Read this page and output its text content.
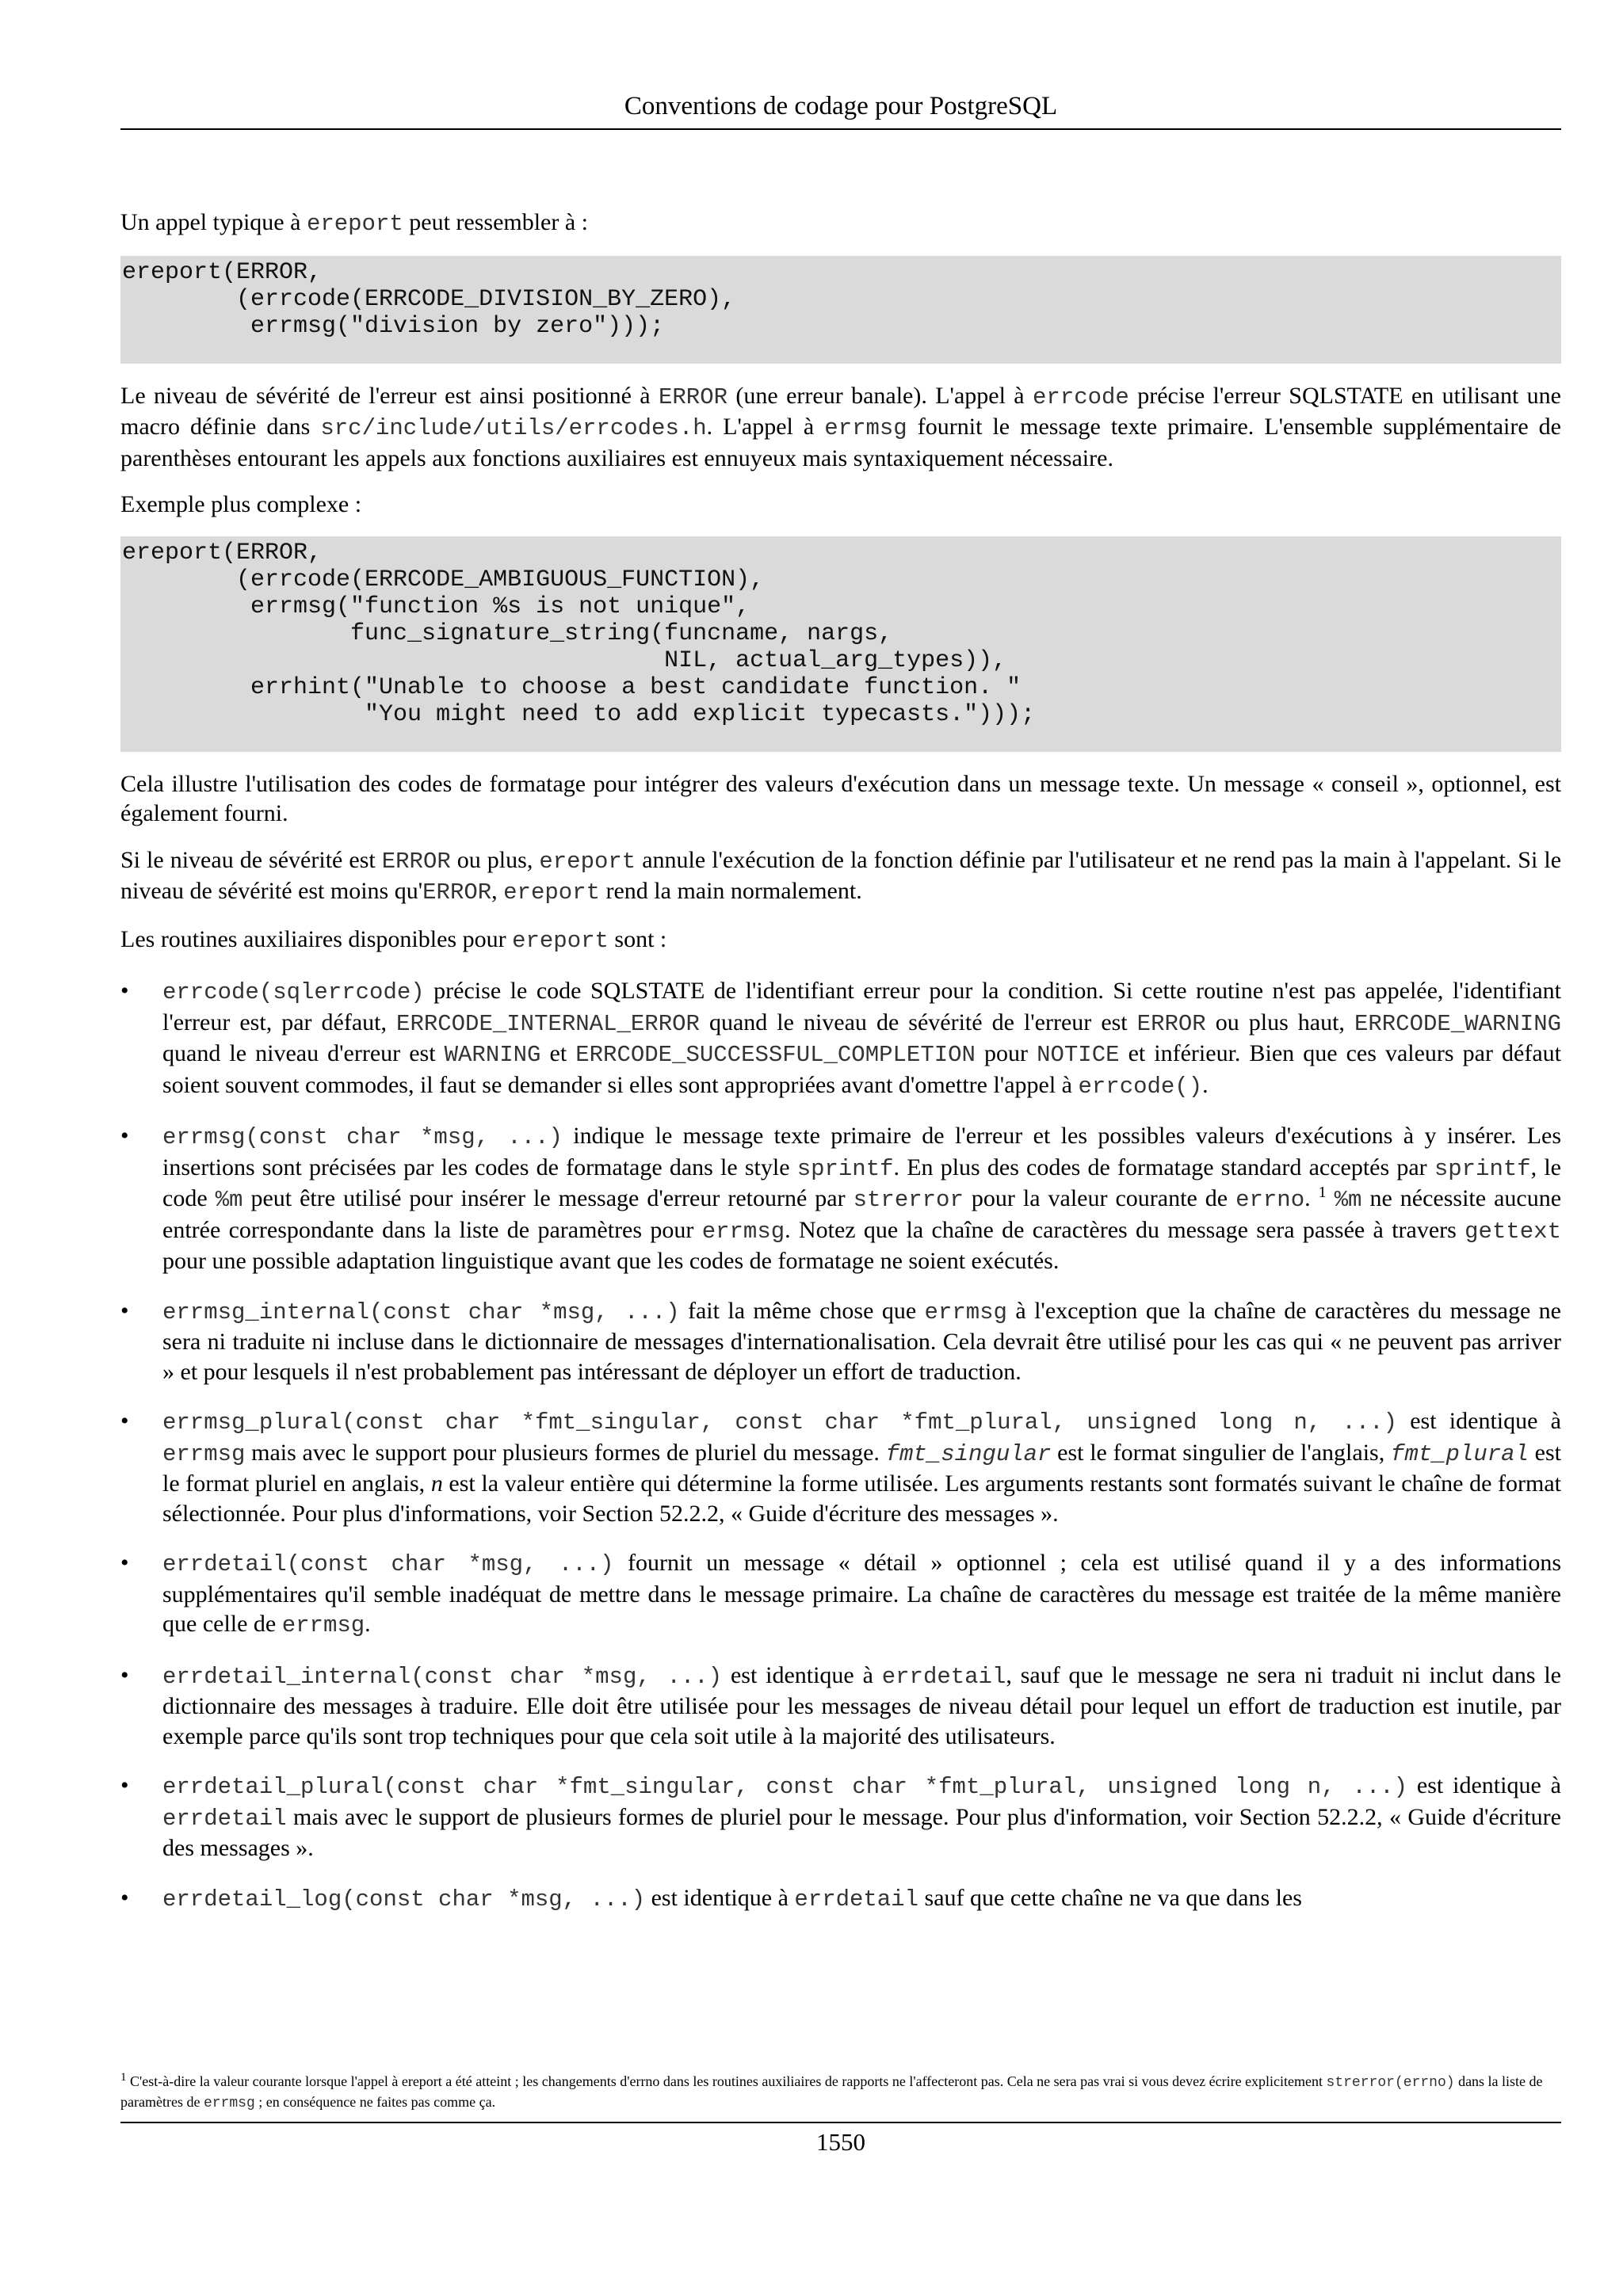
Conventions de codage pour PostgreSQL

Un appel typique à ereport peut ressembler à :

ereport(ERROR,
(errcode(ERRCODE_DIVISION_BY_ZERO),
errmsg("division by zero")));

Le niveau de sévérité de l'erreur est ainsi positionné à ERROR (une erreur banale). L'appel à errcode précise l'erreur SQLSTATE en utilisant une macro définie dans src/include/utils/errcodes.h. L'appel à errmsg fournit le message texte primaire. L'ensemble supplémentaire de parenthèses entourant les appels aux fonctions auxiliaires est ennuyeux mais syntaxiquement nécessaire.

Exemple plus complexe :

ereport(ERROR,
(errcode(ERRCODE_AMBIGUOUS_FUNCTION),
errmsg("function %s is not unique",
func_signature_string(funcname, nargs,
NIL, actual_arg_types)),
errhint("Unable to choose a best candidate function. "
"You might need to add explicit typecasts.")));

Cela illustre l'utilisation des codes de formatage pour intégrer des valeurs d'exécution dans un message texte. Un message « conseil », optionnel, est également fourni.

Si le niveau de sévérité est ERROR ou plus, ereport annule l'exécution de la fonction définie par l'utilisateur et ne rend pas la main à l'appelant. Si le niveau de sévérité est moins qu'ERROR, ereport rend la main normalement.

Les routines auxiliaires disponibles pour ereport sont :

• errcode(sqlerrcode) précise le code SQLSTATE de l'identifiant erreur pour la condition. Si cette routine n'est pas appelée, l'identifiant l'erreur est, par défaut, ERRCODE_INTERNAL_ERROR quand le niveau de sévérité de l'erreur est ERROR ou plus haut, ERRCODE_WARNING quand le niveau d'erreur est WARNING et ERRCODE_SUCCESSFUL_COMPLETION pour NOTICE et inférieur. Bien que ces valeurs par défaut soient souvent commodes, il faut se demander si elles sont appropriées avant d'omettre l'appel à errcode().
• errmsg(const char *msg, ...) indique le message texte primaire de l'erreur et les possibles valeurs d'exécutions à y insérer. Les insertions sont précisées par les codes de formatage dans le style sprintf. En plus des codes de formatage standard acceptés par sprintf, le code %m peut être utilisé pour insérer le message d'erreur retourné par strerror pour la valeur courante de errno. $^1$ %m ne nécessite aucune entrée correspondante dans la liste de paramètres pour errmsg. Notez que la chaîne de caractères du message sera passée à travers gettext pour une possible adaptation linguistique avant que les codes de formatage ne soient exécutés.
• errmsg_internal(const char *msg, ...) fait la même chose que errmsg à l'exception que la chaîne de caractères du message ne sera ni traduite ni incluse dans le dictionnaire de messages d'internationalisation. Cela devrait être utilisé pour les cas qui « ne peuvent pas arriver » et pour lesquels il n'est probablement pas intéressant de déployer un effort de traduction.
• errmsg_plural(const char *fmt_singular, const char *fmt_plural, unsigned long n, ...) est identique à errmsg mais avec le support pour plusieurs formes de pluriel du message. fmt_singular est le format singulier de l'anglais, fmt_plural est le format pluriel en anglais, n est la valeur entière qui détermine la forme utilisée. Les arguments restants sont formatés suivant le chaîne de format sélectionnée. Pour plus d'informations, voir Section 52.2.2, « Guide d'écriture des messages ».
• errdetail(const char *msg, ...) fournit un message « détail » optionnel ; cela est utilisé quand il y a des informations supplémentaires qu'il semble inadéquat de mettre dans le message primaire. La chaîne de caractères du message est traitée de la même manière que celle de errmsg.
• errdetail_internal(const char *msg, ...) est identique à errdetail, sauf que le message ne sera ni traduit ni inclut dans le dictionnaire des messages à traduire. Elle doit être utilisée pour les messages de niveau détail pour lequel un effort de traduction est inutile, par exemple parce qu'ils sont trop techniques pour que cela soit utile à la majorité des utilisateurs.
• errdetail_plural(const char *fmt_singular, const char *fmt_plural, unsigned long n, ...) est identique à errdetail mais avec le support de plusieurs formes de pluriel pour le message. Pour plus d'information, voir Section 52.2.2, « Guide d'écriture des messages ».
• errdetail_log(const char *msg, ...) est identique à errdetail sauf que cette chaîne ne va que dans les
$^1$ C'est-à-dire la valeur courante lorsque l'appel à ereport a été atteint ; les changements d'errno dans les routines auxiliaires de rapports ne l'affecteront pas. Cela ne sera pas vrai si vous devez écrire explicitement strerror(errno) dans la liste de paramètres de errmsg ; en conséquence ne faites pas comme ça.
1550
